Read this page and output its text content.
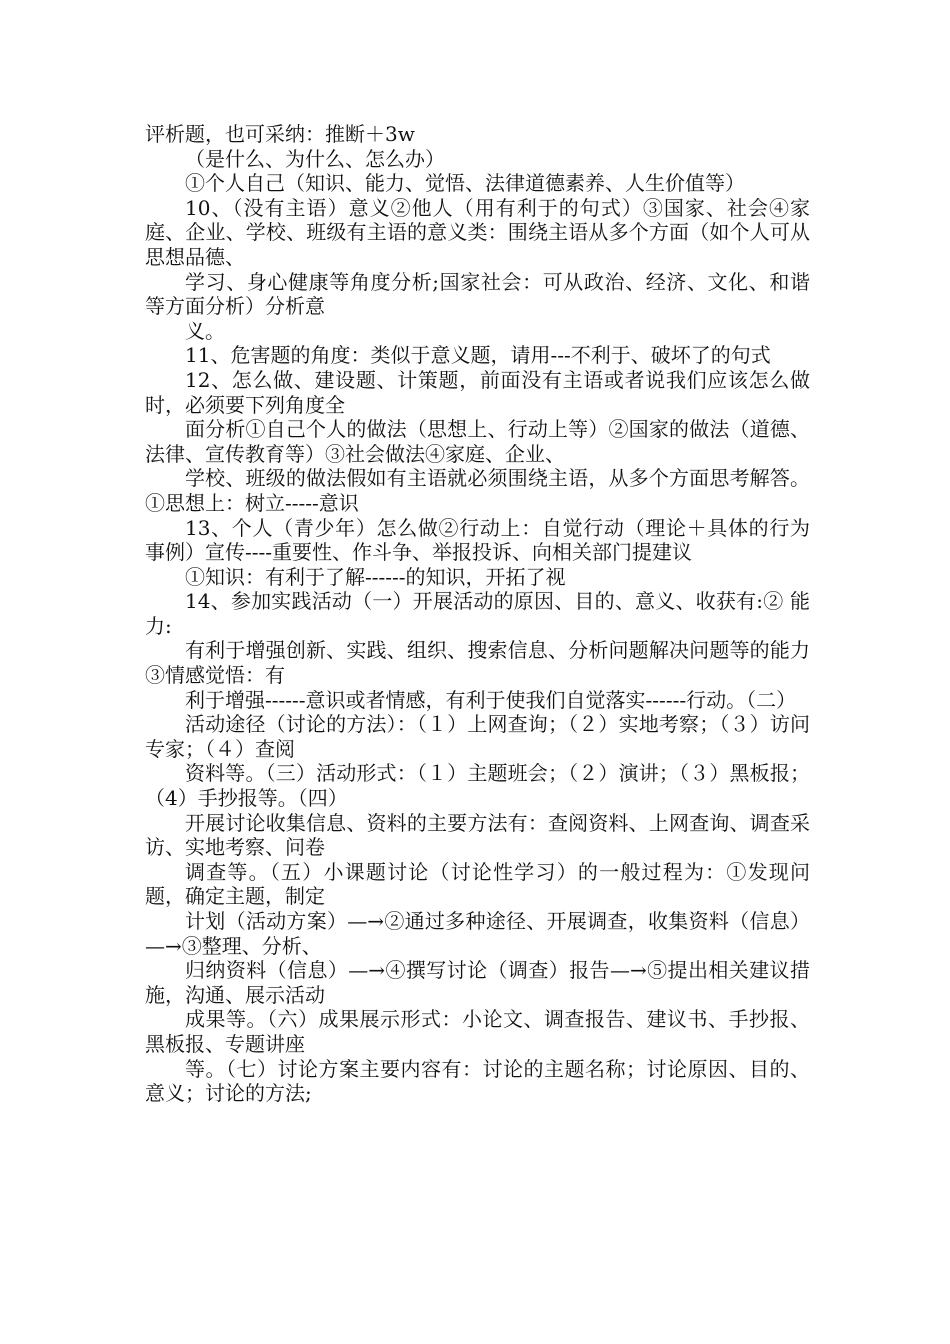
评析题，也可采纳：推断＋3w

（是什么、为什么、怎么办）

①个人自己（知识、能力、觉悟、法律道德素养、人生价值等）

10、（没有主语）意义②他人（用有利于的句式）③国家、社会④家庭、企业、学校、班级有主语的意义类：围绕主语从多个方面（如个人可从思想品德、

学习、身心健康等角度分析;国家社会：可从政治、经济、文化、和谐等方面分析）分析意

义。

11、危害题的角度：类似于意义题，请用---不利于、破坏了的句式

12、怎么做、建设题、计策题，前面没有主语或者说我们应该怎么做时，必须要下列角度全

面分析①自己个人的做法（思想上、行动上等）②国家的做法（道德、法律、宣传教育等）③社会做法④家庭、企业、

学校、班级的做法假如有主语就必须围绕主语，从多个方面思考解答。①思想上：树立-----意识

13、个人（青少年）怎么做②行动上：自觉行动（理论＋具体的行为事例）宣传----重要性、作斗争、举报投诉、向相关部门提建议

①知识：有利于了解------的知识，开拓了视

14、参加实践活动（一）开展活动的原因、目的、意义、收获有:② 能力:

有利于增强创新、实践、组织、搜索信息、分析问题解决问题等的能力③情感觉悟：有

利于增强------意识或者情感，有利于使我们自觉落实------行动。（二）

活动途径（讨论的方法）：（１）上网查询；（２）实地考察；（３）访问专家；（４）查阅

资料等。（三）活动形式：（１）主题班会；（２）演讲；（３）黑板报；（4）手抄报等。（四）

开展讨论收集信息、资料的主要方法有：查阅资料、上网查询、调查采访、实地考察、问卷

调查等。（五）小课题讨论（讨论性学习）的一般过程为：①发现问题，确定主题，制定

计划（活动方案）—→②通过多种途径、开展调查，收集资料（信息）—→③整理、分析、

归纳资料（信息）—→④撰写讨论（调查）报告—→⑤提出相关建议措施，沟通、展示活动

成果等。（六）成果展示形式：小论文、调查报告、建议书、手抄报、黑板报、专题讲座

等。（七）讨论方案主要内容有：讨论的主题名称；讨论原因、目的、意义；讨论的方法;
